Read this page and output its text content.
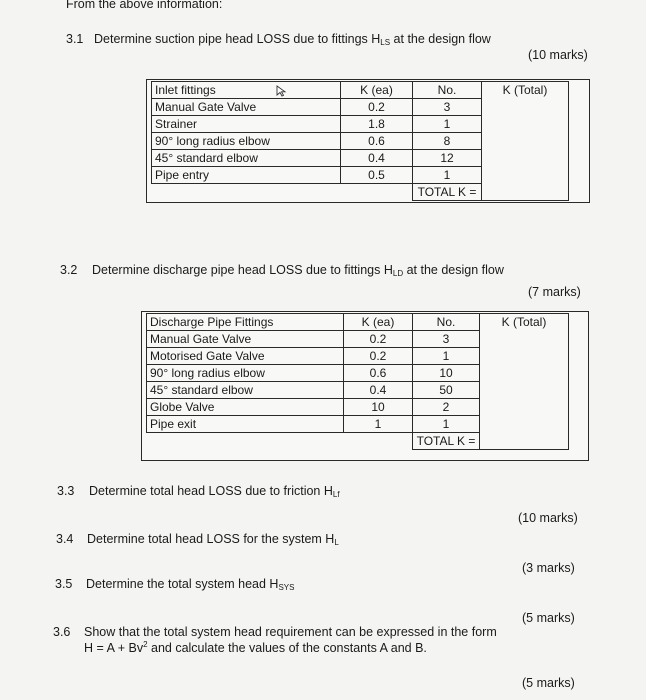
From the above information:
3.1 Determine suction pipe head LOSS due to fittings $H_{LS}$ at the design flow
(10 marks)
Inlet fittings	K (ea)	No.	K (Total)
Manual Gate Valve	0.2	3	
Strainer	1.8	1	
90° long radius elbow	0.6	8	
45° standard elbow	0.4	12	
Pipe entry	0.5	1	
		TOTAL K =	
3.2 Determine discharge pipe head LOSS due to fittings $H_{LD}$ at the design flow
(7 marks)
Discharge Pipe Fittings	K (ea)	No.	K (Total)
Manual Gate Valve	0.2	3	
Motorised Gate Valve	0.2	1	
90° long radius elbow	0.6	10	
45° standard elbow	0.4	50	
Globe Valve	10	2	
Pipe exit	1	1	
		TOTAL K =	
3.3 Determine total head LOSS due to friction $H_{Lf}$
(10 marks)
3.4 Determine total head LOSS for the system $H_L$
(3 marks)
3.5 Determine the total system head $H_{SYS}$
(5 marks)
3.6 Show that the total system head requirement can be expressed in the form
$H = A + Bv^2$ and calculate the values of the constants A and B.
(5 marks)
